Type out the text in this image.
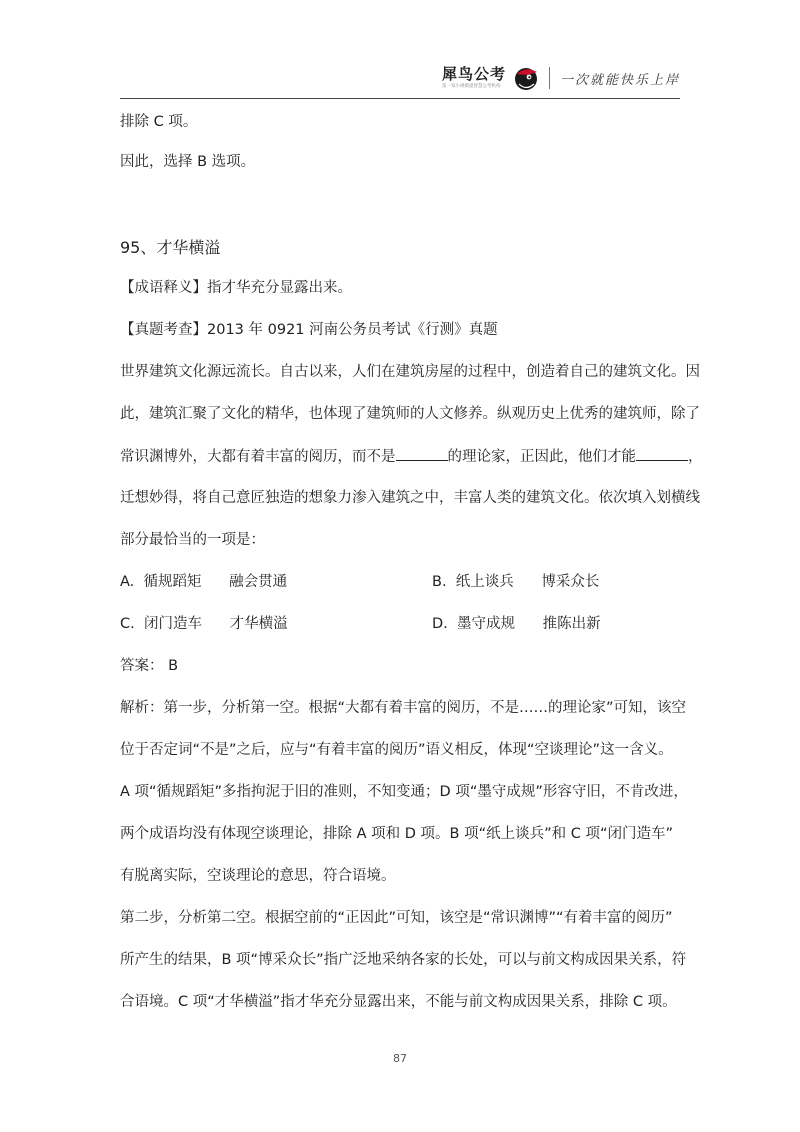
犀鸟公考
第一家小规模提智慧公考机构	一次就能快乐上岸
排除 C 项。
因此，选择 B 选项。
95、才华横溢
【成语释义】指才华充分显露出来。
【真题考查】2013 年 0921 河南公务员考试《行测》真题
世界建筑文化源远流长。自古以来，人们在建筑房屋的过程中，创造着自己的建筑文化。因
此，建筑汇聚了文化的精华，也体现了建筑师的人文修养。纵观历史上优秀的建筑师，除了
常识渊博外，大都有着丰富的阅历，而不是	的理论家，正因此，他们才能	，
迁想妙得，将自己意匠独造的想象力渗入建筑之中，丰富人类的建筑文化。依次填入划横线
部分最恰当的一项是：
A. 循规蹈矩 融会贯通	B. 纸上谈兵 博采众长
C. 闭门造车 才华横溢	D. 墨守成规 推陈出新
答案： B
解析：第一步，分析第一空。根据“大都有着丰富的阅历，不是……的理论家”可知，该空
位于否定词“不是”之后，应与“有着丰富的阅历”语义相反，体现“空谈理论”这一含义。
A 项“循规蹈矩”多指拘泥于旧的准则，不知变通；D 项“墨守成规”形容守旧，不肯改进，
两个成语均没有体现空谈理论，排除 A 项和 D 项。B 项“纸上谈兵”和 C 项“闭门造车”
有脱离实际，空谈理论的意思，符合语境。
第二步，分析第二空。根据空前的“正因此”可知，该空是“常识渊博”“有着丰富的阅历”
所产生的结果，B 项“博采众长”指广泛地采纳各家的长处，可以与前文构成因果关系，符
合语境。C 项“才华横溢”指才华充分显露出来，不能与前文构成因果关系，排除 C 项。
87
